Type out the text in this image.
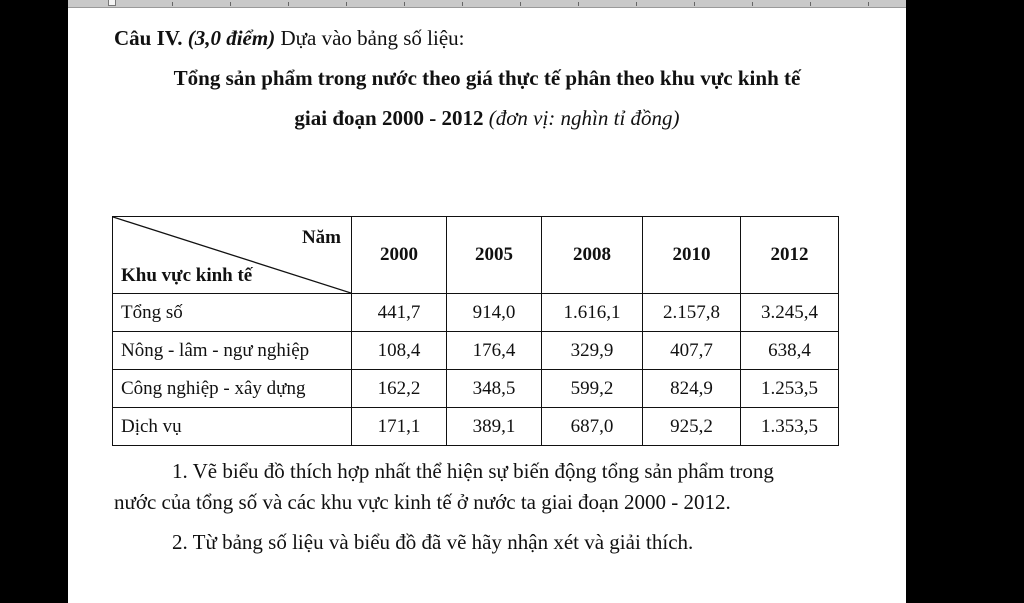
Câu IV. (3,0 điểm) Dựa vào bảng số liệu:
Tổng sản phẩm trong nước theo giá thực tế phân theo khu vực kinh tế
giai đoạn 2000 - 2012 (đơn vị: nghìn tỉ đồng)
Năm
Khu vực kinh tế	2000	2005	2008	2010	2012
Tổng số	441,7	914,0	1.616,1	2.157,8	3.245,4
Nông - lâm - ngư nghiệp	108,4	176,4	329,9	407,7	638,4
Công nghiệp - xây dựng	162,2	348,5	599,2	824,9	1.253,5
Dịch vụ	171,1	389,1	687,0	925,2	1.353,5
1. Vẽ biểu đồ thích hợp nhất thể hiện sự biến động tổng sản phẩm trong
nước của tổng số và các khu vực kinh tế ở nước ta giai đoạn 2000 - 2012.
2. Từ bảng số liệu và biểu đồ đã vẽ hãy nhận xét và giải thích.
